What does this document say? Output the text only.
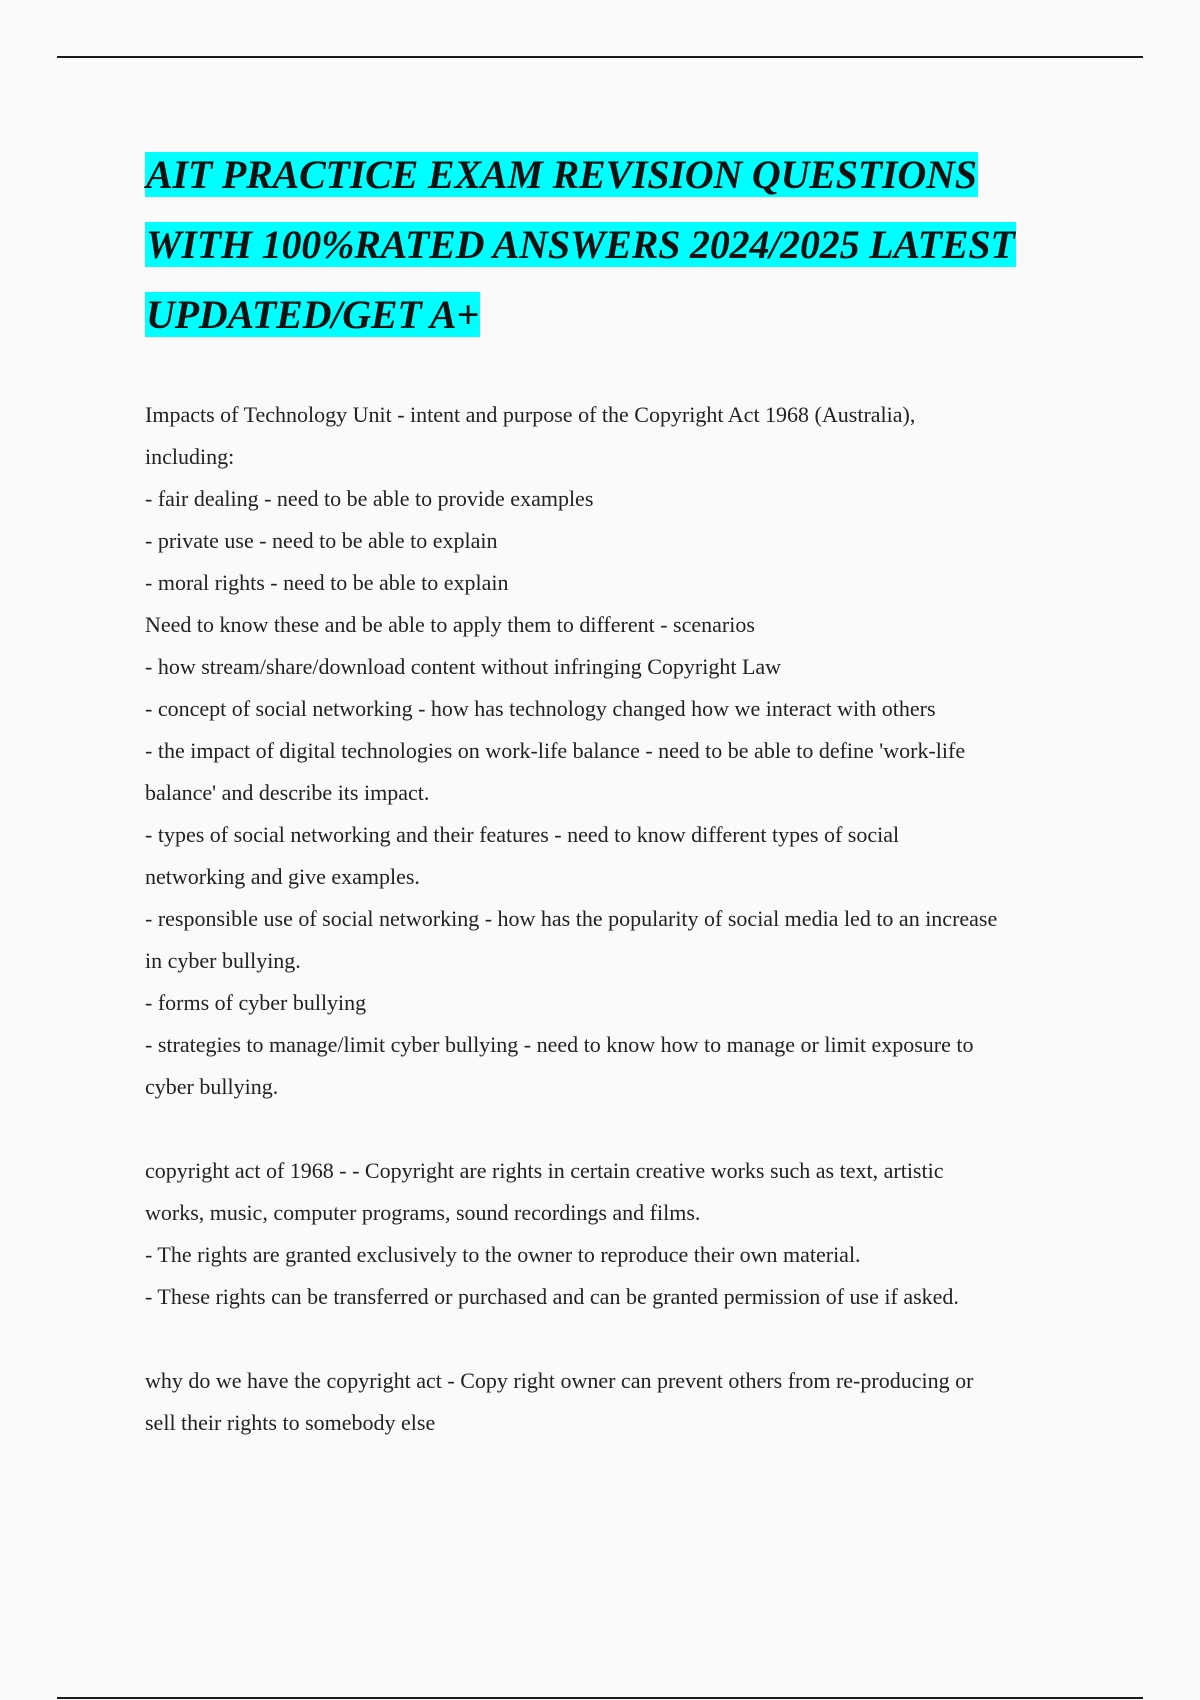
AIT PRACTICE EXAM REVISION QUESTIONS
WITH 100%RATED ANSWERS 2024/2025 LATEST
UPDATED/GET A+
Impacts of Technology Unit - intent and purpose of the Copyright Act 1968 (Australia),
including:
- fair dealing - need to be able to provide examples
- private use - need to be able to explain
- moral rights - need to be able to explain
Need to know these and be able to apply them to different - scenarios
- how stream/share/download content without infringing Copyright Law
- concept of social networking - how has technology changed how we interact with others
- the impact of digital technologies on work-life balance - need to be able to define 'work-life
balance' and describe its impact.
- types of social networking and their features - need to know different types of social
networking and give examples.
- responsible use of social networking - how has the popularity of social media led to an increase
in cyber bullying.
- forms of cyber bullying
- strategies to manage/limit cyber bullying - need to know how to manage or limit exposure to
cyber bullying.
copyright act of 1968 - - Copyright are rights in certain creative works such as text, artistic
works, music, computer programs, sound recordings and films.
- The rights are granted exclusively to the owner to reproduce their own material.
- These rights can be transferred or purchased and can be granted permission of use if asked.
why do we have the copyright act - Copy right owner can prevent others from re-producing or
sell their rights to somebody else
